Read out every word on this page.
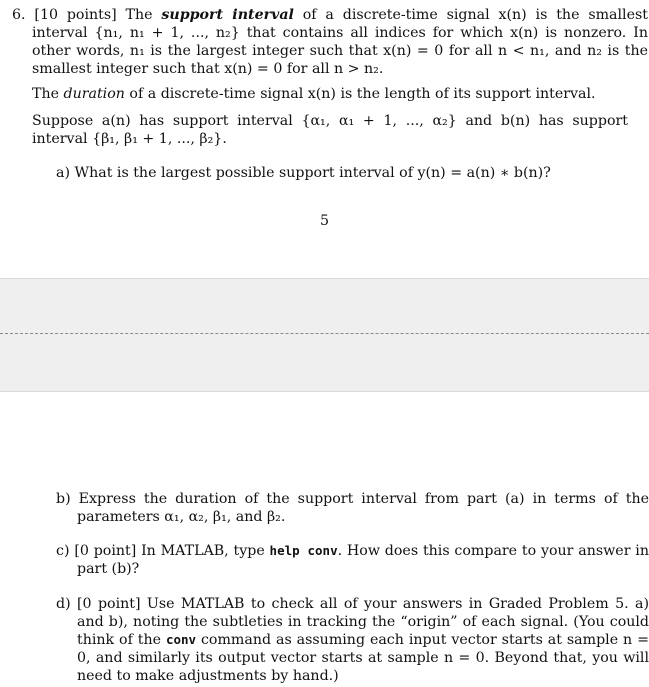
6. [10 points] The support interval of a discrete-time signal x(n) is the smallest interval {n₁, n₁ + 1, ..., n₂} that contains all indices for which x(n) is nonzero. In other words, n₁ is the largest integer such that x(n) = 0 for all n < n₁, and n₂ is the smallest integer such that x(n) = 0 for all n > n₂.
The duration of a discrete-time signal x(n) is the length of its support interval.
Suppose a(n) has support interval {α₁, α₁ + 1, ..., α₂} and b(n) has support interval {β₁, β₁ + 1, ..., β₂}.
a) What is the largest possible support interval of y(n) = a(n) ∗ b(n)?
5
b) Express the duration of the support interval from part (a) in terms of the parameters α₁, α₂, β₁, and β₂.
c) [0 point] In MATLAB, type help conv. How does this compare to your answer in part (b)?
d) [0 point] Use MATLAB to check all of your answers in Graded Problem 5. a) and b), noting the subtleties in tracking the “origin” of each signal. (You could think of the conv command as assuming each input vector starts at sample n = 0, and similarly its output vector starts at sample n = 0. Beyond that, you will need to make adjustments by hand.)
